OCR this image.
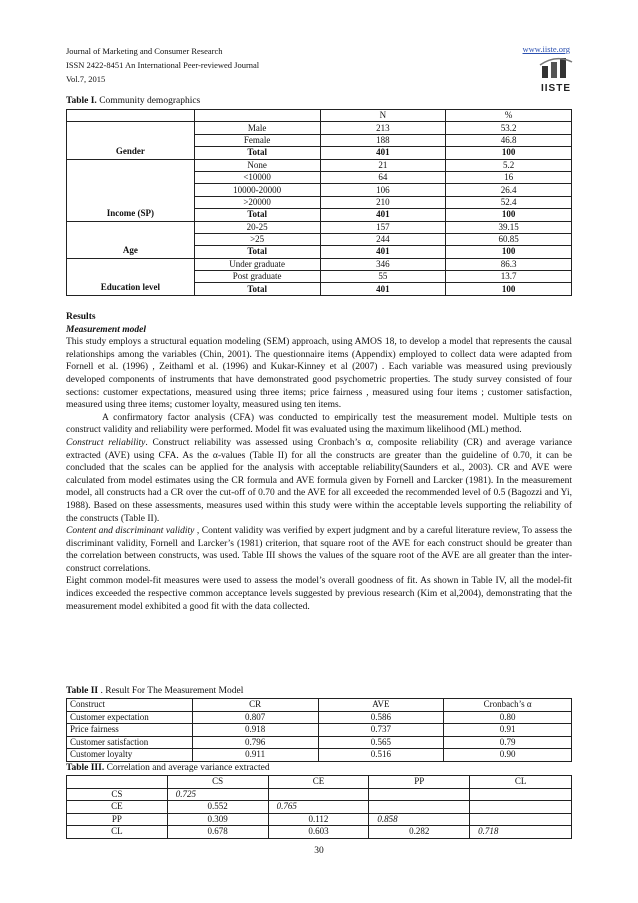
Journal of Marketing and Consumer Research
ISSN 2422-8451 An International Peer-reviewed Journal
Vol.7, 2015
www.iiste.org
IISTE
Table I. Community demographics
		N	%
Gender	Male	213	53.2
	Female	188	46.8
	Total	401	100
Income (SP)	None	21	5.2
	<10000	64	16
	10000-20000	106	26.4
	>20000	210	52.4
	Total	401	100
Age	20-25	157	39.15
	>25	244	60.85
	Total	401	100
Education level	Under graduate	346	86.3
	Post graduate	55	13.7
	Total	401	100

Results

Measurement model

This study employs a structural equation modeling (SEM) approach, using AMOS 18, to develop a model that represents the causal relationships among the variables (Chin, 2001). The questionnaire items (Appendix) employed to collect data were adapted from Fornell et al. (1996) , Zeithaml et al. (1996) and Kukar-Kinney et al (2007) . Each variable was measured using previously developed components of instruments that have demonstrated good psychometric properties. The study survey consisted of four sections: customer expectations, measured using three items; price fairness , measured using four items ; customer satisfaction, measured using three items; customer loyalty, measured using ten items.

A confirmatory factor analysis (CFA) was conducted to empirically test the measurement model. Multiple tests on construct validity and reliability were performed. Model fit was evaluated using the maximum likelihood (ML) method.

Construct reliability. Construct reliability was assessed using Cronbach’s α, composite reliability (CR) and average variance extracted (AVE) using CFA. As the α-values (Table II) for all the constructs are greater than the guideline of 0.70, it can be concluded that the scales can be applied for the analysis with acceptable reliability(Saunders et al., 2003). CR and AVE were calculated from model estimates using the CR formula and AVE formula given by Fornell and Larcker (1981). In the measurement model, all constructs had a CR over the cut-off of 0.70 and the AVE for all exceeded the recommended level of 0.5 (Bagozzi and Yi, 1988). Based on these assessments, measures used within this study were within the acceptable levels supporting the reliability of the constructs (Table II).

Content and discriminant validity , Content validity was verified by expert judgment and by a careful literature review, To assess the discriminant validity, Fornell and Larcker’s (1981) criterion, that square root of the AVE for each construct should be greater than the correlation between constructs, was used. Table III shows the values of the square root of the AVE are all greater than the inter-construct correlations.

Eight common model-fit measures were used to assess the model’s overall goodness of fit. As shown in Table IV, all the model-fit indices exceeded the respective common acceptance levels suggested by previous research (Kim et al,2004), demonstrating that the measurement model exhibited a good fit with the data collected.

Table II . Result For The Measurement Model
Construct	CR	AVE	Cronbach’s α
Customer expectation	0.807	0.586	0.80
Price fairness	0.918	0.737	0.91
Customer satisfaction	0.796	0.565	0.79
Customer loyalty	0.911	0.516	0.90
Table III. Correlation and average variance extracted
	CS	CE	PP	CL
CS	0.725			
CE	0.552	0.765		
PP	0.309	0.112	0.858	
CL	0.678	0.603	0.282	0.718
30
